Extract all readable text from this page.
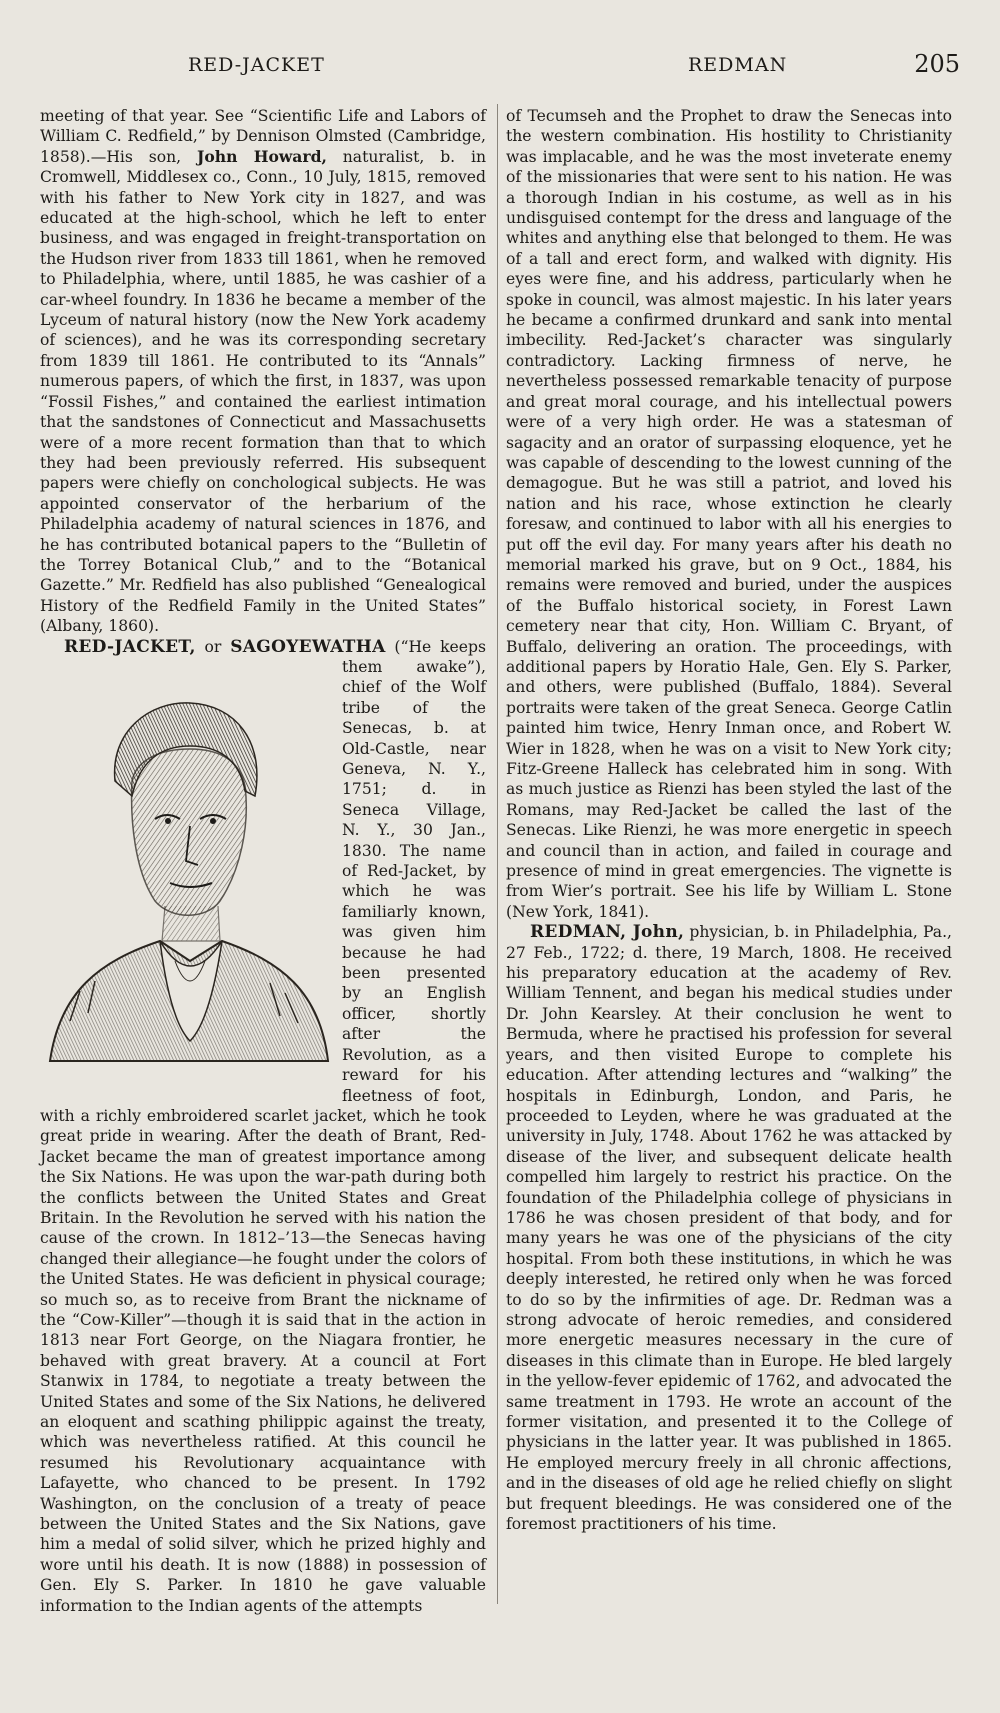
RED-JACKET	REDMAN	205

meeting of that year. See “Scientific Life and Labors of William C. Redfield,” by Dennison Olmsted (Cambridge, 1858).—His son, John Howard, naturalist, b. in Cromwell, Middlesex co., Conn., 10 July, 1815, removed with his father to New York city in 1827, and was educated at the high-school, which he left to enter business, and was engaged in freight-transportation on the Hudson river from 1833 till 1861, when he removed to Philadelphia, where, until 1885, he was cashier of a car-wheel foundry. In 1836 he became a member of the Lyceum of natural history (now the New York academy of sciences), and he was its corresponding secretary from 1839 till 1861. He contributed to its “Annals” numerous papers, of which the first, in 1837, was upon “Fossil Fishes,” and contained the earliest intimation that the sandstones of Connecticut and Massachusetts were of a more recent formation than that to which they had been previously referred. His subsequent papers were chiefly on conchological subjects. He was appointed conservator of the herbarium of the Philadelphia academy of natural sciences in 1876, and he has contributed botanical papers to the “Bulletin of the Torrey Botanical Club,” and to the “Botanical Gazette.” Mr. Redfield has also published “Genealogical History of the Redfield Family in the United States” (Albany, 1860).

RED-JACKET, or SAGOYEWATHA
(“He keeps them awake”), chief of the Wolf tribe of the Senecas, b. at Old-Castle, near Geneva, N. Y., 1751; d. in Seneca Village, N. Y., 30 Jan., 1830. The name of Red-Jacket, by which he was familiarly known, was given him because he had been presented by an English officer, shortly after the Revolution, as a reward for his fleetness of foot, with a richly embroidered scarlet jacket, which he took great pride in wearing. After the death of Brant, Red-Jacket became the man of greatest importance among the Six Nations. He was upon the war-path during both the conflicts between the United States and Great Britain. In the Revolution he served with his nation the cause of the crown. In 1812–’13—the Senecas having changed their allegiance—he fought under the colors of the United States. He was deficient in physical courage; so much so, as to receive from Brant the nickname of the “Cow-Killer”—though it is said that in the action in 1813 near Fort George, on the Niagara frontier, he behaved with great bravery. At a council at Fort Stanwix in 1784, to negotiate a treaty between the United States and some of the Six Nations, he delivered an eloquent and scathing philippic against the treaty, which was nevertheless ratified. At this council he resumed his Revolutionary acquaintance with Lafayette, who chanced to be present. In 1792 Washington, on the conclusion of a treaty of peace between the United States and the Six Nations, gave him a medal of solid silver, which he prized highly and wore until his death. It is now (1888) in possession of Gen. Ely S. Parker. In 1810 he gave valuable information to the Indian agents of the attempts

of Tecumseh and the Prophet to draw the Senecas into the western combination. His hostility to Christianity was implacable, and he was the most inveterate enemy of the missionaries that were sent to his nation. He was a thorough Indian in his costume, as well as in his undisguised contempt for the dress and language of the whites and anything else that belonged to them. He was of a tall and erect form, and walked with dignity. His eyes were fine, and his address, particularly when he spoke in council, was almost majestic. In his later years he became a confirmed drunkard and sank into mental imbecility. Red-Jacket’s character was singularly contradictory. Lacking firmness of nerve, he nevertheless possessed remarkable tenacity of purpose and great moral courage, and his intellectual powers were of a very high order. He was a statesman of sagacity and an orator of surpassing eloquence, yet he was capable of descending to the lowest cunning of the demagogue. But he was still a patriot, and loved his nation and his race, whose extinction he clearly foresaw, and continued to labor with all his energies to put off the evil day. For many years after his death no memorial marked his grave, but on 9 Oct., 1884, his remains were removed and buried, under the auspices of the Buffalo historical society, in Forest Lawn cemetery near that city, Hon. William C. Bryant, of Buffalo, delivering an oration. The proceedings, with additional papers by Horatio Hale, Gen. Ely S. Parker, and others, were published (Buffalo, 1884). Several portraits were taken of the great Seneca. George Catlin painted him twice, Henry Inman once, and Robert W. Wier in 1828, when he was on a visit to New York city; Fitz-Greene Halleck has celebrated him in song. With as much justice as Rienzi has been styled the last of the Romans, may Red-Jacket be called the last of the Senecas. Like Rienzi, he was more energetic in speech and council than in action, and failed in courage and presence of mind in great emergencies. The vignette is from Wier’s portrait. See his life by William L. Stone (New York, 1841).

REDMAN, John, physician, b. in Philadelphia, Pa., 27 Feb., 1722; d. there, 19 March, 1808. He received his preparatory education at the academy of Rev. William Tennent, and began his medical studies under Dr. John Kearsley. At their conclusion he went to Bermuda, where he practised his profession for several years, and then visited Europe to complete his education. After attending lectures and “walking” the hospitals in Edinburgh, London, and Paris, he proceeded to Leyden, where he was graduated at the university in July, 1748. About 1762 he was attacked by disease of the liver, and subsequent delicate health compelled him largely to restrict his practice. On the foundation of the Philadelphia college of physicians in 1786 he was chosen president of that body, and for many years he was one of the physicians of the city hospital. From both these institutions, in which he was deeply interested, he retired only when he was forced to do so by the infirmities of age. Dr. Redman was a strong advocate of heroic remedies, and considered more energetic measures necessary in the cure of diseases in this climate than in Europe. He bled largely in the yellow-fever epidemic of 1762, and advocated the same treatment in 1793. He wrote an account of the former visitation, and presented it to the College of physicians in the latter year. It was published in 1865. He employed mercury freely in all chronic affections, and in the diseases of old age he relied chiefly on slight but frequent bleedings. He was considered one of the foremost practitioners of his time.
